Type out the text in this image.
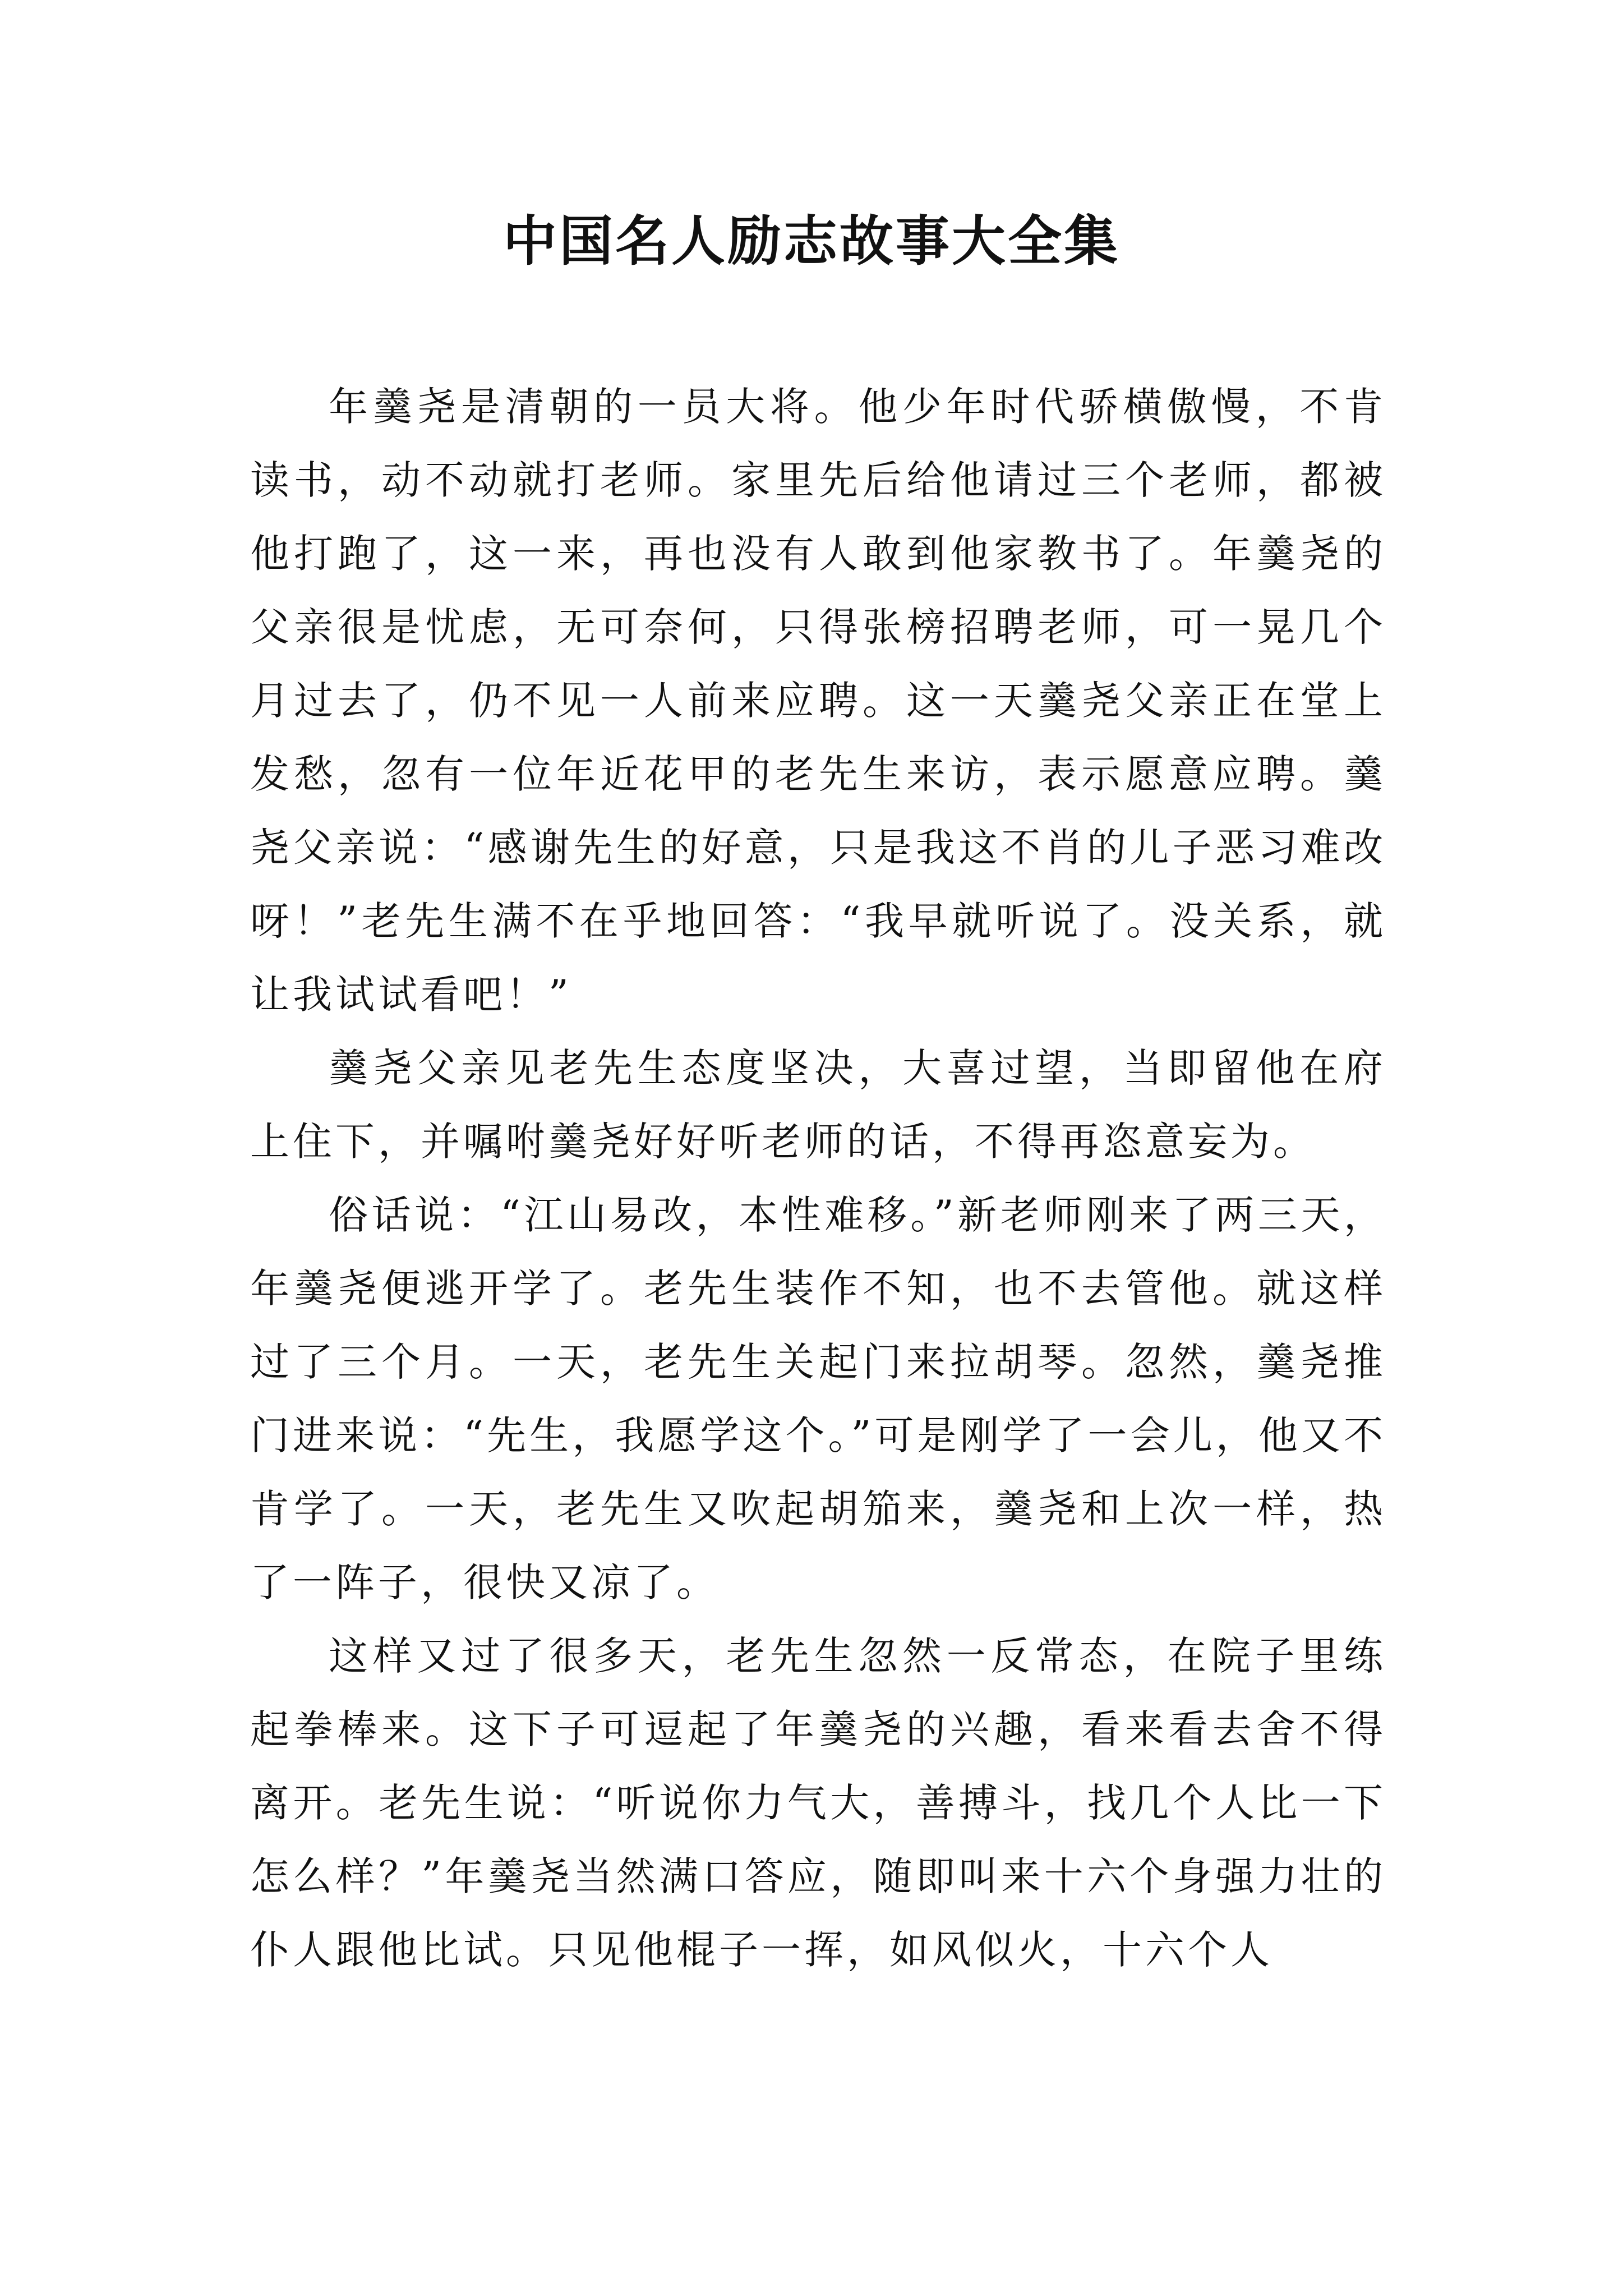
中国名人励志故事大全集

年羹尧是清朝的一员大将。他少年时代骄横傲慢，不肯读书，动不动就打老师。家里先后给他请过三个老师，都被他打跑了，这一来，再也没有人敢到他家教书了。年羹尧的父亲很是忧虑，无可奈何，只得张榜招聘老师，可一晃几个月过去了，仍不见一人前来应聘。这一天羹尧父亲正在堂上发愁，忽有一位年近花甲的老先生来访，表示愿意应聘。羹尧父亲说：“感谢先生的好意，只是我这不肖的儿子恶习难改呀！”老先生满不在乎地回答：“我早就听说了。没关系，就让我试试看吧！”

羹尧父亲见老先生态度坚决，大喜过望，当即留他在府上住下，并嘱咐羹尧好好听老师的话，不得再恣意妄为。

俗话说：“江山易改，本性难移。”新老师刚来了两三天，年羹尧便逃开学了。老先生装作不知，也不去管他。就这样过了三个月。一天，老先生关起门来拉胡琴。忽然，羹尧推门进来说：“先生，我愿学这个。”可是刚学了一会儿，他又不肯学了。一天，老先生又吹起胡笳来，羹尧和上次一样，热了一阵子，很快又凉了。

这样又过了很多天，老先生忽然一反常态，在院子里练起拳棒来。这下子可逗起了年羹尧的兴趣，看来看去舍不得离开。老先生说：“听说你力气大，善搏斗，找几个人比一下怎么样？”年羹尧当然满口答应，随即叫来十六个身强力壮的仆人跟他比试。只见他棍子一挥，如风似火，十六个人
